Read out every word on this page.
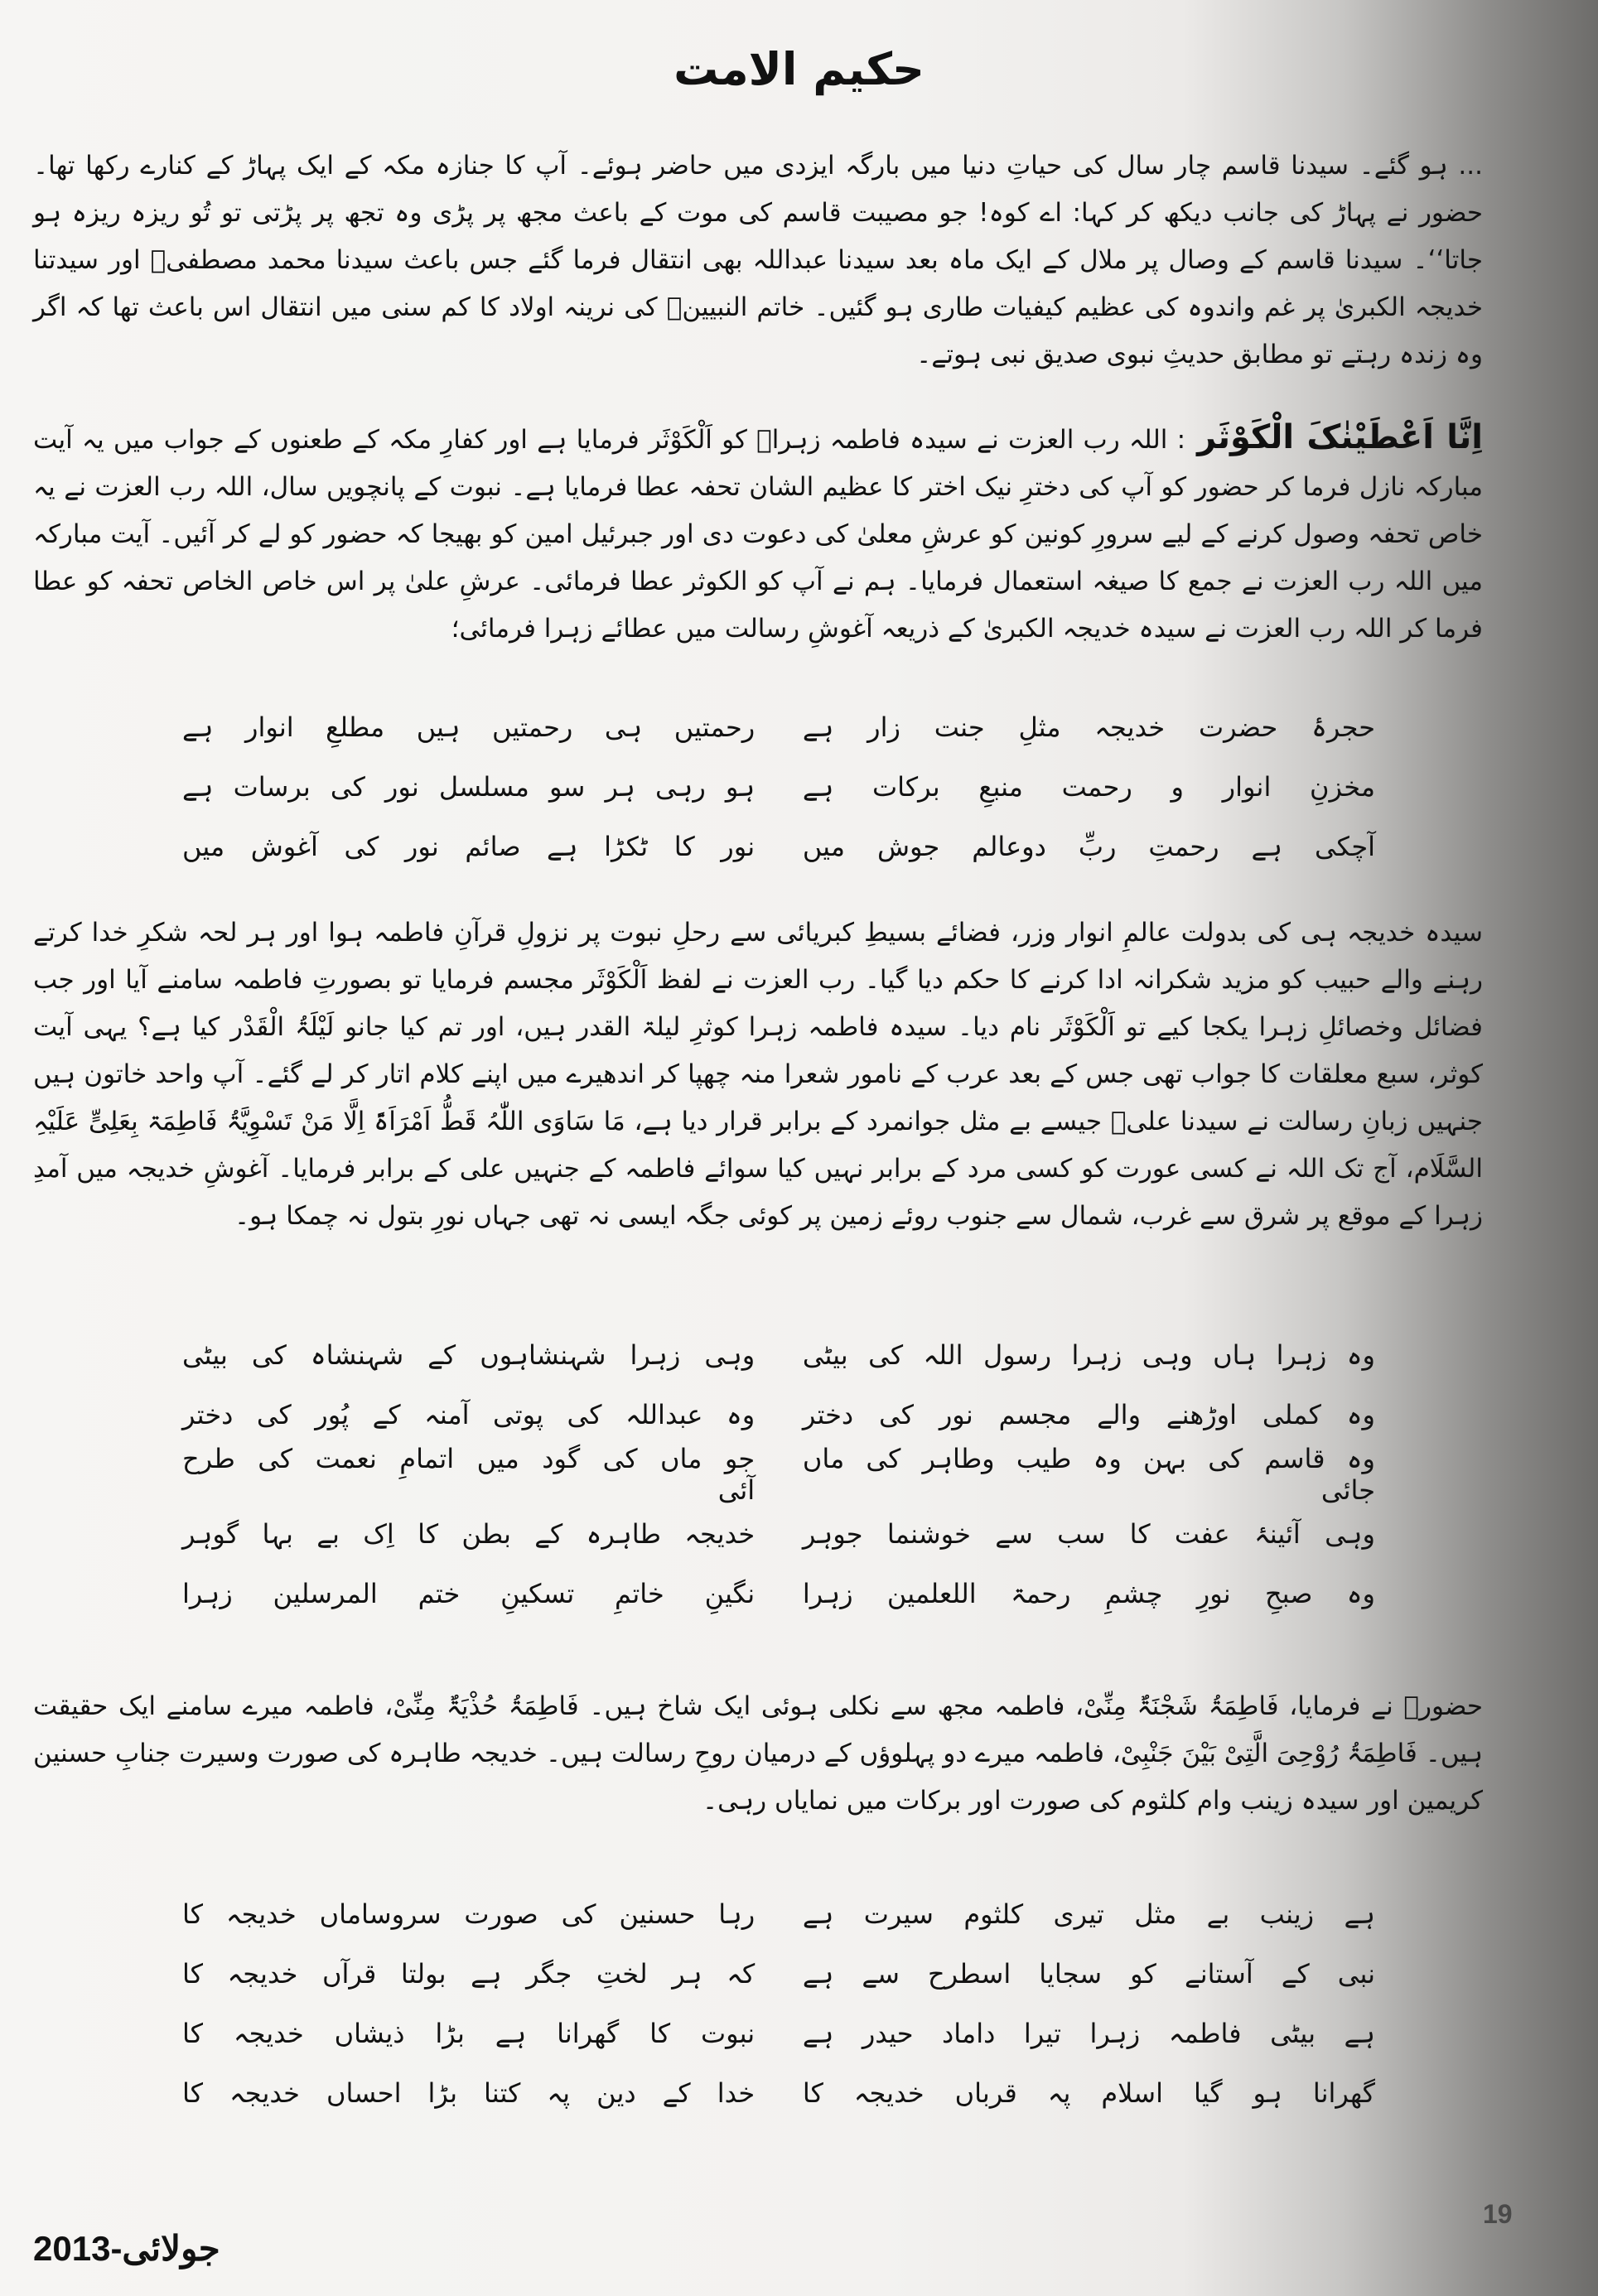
حکیم الامت

... ہو گئے۔ سیدنا قاسم چار سال کی حیاتِ دنیا میں بارگہ ایزدی میں حاضر ہوئے۔ آپ کا جنازہ مکہ کے ایک پہاڑ کے کنارے رکھا تھا۔ حضور نے پہاڑ کی جانب دیکھ کر کہا: اے کوہ! جو مصیبت قاسم کی موت کے باعث مجھ پر پڑی وہ تجھ پر پڑتی تو تُو ریزہ ریزہ ہو جاتا‘‘۔ سیدنا قاسم کے وصال پر ملال کے ایک ماہ بعد سیدنا عبداللہ بھی انتقال فرما گئے جس باعث سیدنا محمد مصطفیؐ اور سیدتنا خدیجہ الکبریٰ پر غم واندوہ کی عظیم کیفیات طاری ہو گئیں۔ خاتم النبیینؐ کی نرینہ اولاد کا کم سنی میں انتقال اس باعث تھا کہ اگر وہ زندہ رہتے تو مطابق حدیثِ نبوی صدیق نبی ہوتے۔

اِنَّا اَعْطَیْنٰکَ الْکَوْثَر: اللہ رب العزت نے سیدہ فاطمہ زہراؑ کو اَلْکَوْثَر فرمایا ہے اور کفارِ مکہ کے طعنوں کے جواب میں یہ آیت مبارکہ نازل فرما کر حضور کو آپ کی دخترِ نیک اختر کا عظیم الشان تحفہ عطا فرمایا ہے۔ نبوت کے پانچویں سال، اللہ رب العزت نے یہ خاص تحفہ وصول کرنے کے لیے سرورِ کونین کو عرشِ معلیٰ کی دعوت دی اور جبرئیل امین کو بھیجا کہ حضور کو لے کر آئیں۔ آیت مبارکہ میں اللہ رب العزت نے جمع کا صیغہ استعمال فرمایا۔ ہم نے آپ کو الکوثر عطا فرمائی۔ عرشِ علیٰ پر اس خاص الخاص تحفہ کو عطا فرما کر اللہ رب العزت نے سیدہ خدیجہ الکبریٰ کے ذریعہ آغوشِ رسالت میں عطائے زہرا فرمائی؛

حجرۂ حضرت خدیجہ مثلِ جنت زار ہے
رحمتیں ہی رحمتیں ہیں مطلعِ انوار ہے
مخزنِ انوار و رحمت منبعِ برکات ہے
ہو رہی ہر سو مسلسل نور کی برسات ہے
آچکی ہے رحمتِ ربِّ دوعالم جوش میں
نور کا ٹکڑا ہے صائم نور کی آغوش میں

سیدہ خدیجہ ہی کی بدولت عالمِ انوار وزر، فضائے بسیطِ کبریائی سے رحلِ نبوت پر نزولِ قرآنِ فاطمہ ہوا اور ہر لحہ شکرِ خدا کرتے رہنے والے حبیب کو مزید شکرانہ ادا کرنے کا حکم دیا گیا۔ رب العزت نے لفظ اَلْکَوْثَر مجسم فرمایا تو بصورتِ فاطمہ سامنے آیا اور جب فضائل وخصائلِ زہرا یکجا کیے تو اَلْکَوْثَر نام دیا۔ سیدہ فاطمہ زہرا کوثرِ لیلۃ القدر ہیں، اور تم کیا جانو لَیْلَۃُ الْقَدْر کیا ہے؟ یہی آیت کوثر، سبع معلقات کا جواب تھی جس کے بعد عرب کے نامور شعرا منہ چھپا کر اندھیرے میں اپنے کلام اتار کر لے گئے۔ آپ واحد خاتون ہیں جنہیں زبانِ رسالت نے سیدنا علیؑ جیسے بے مثل جوانمرد کے برابر قرار دیا ہے، مَا سَاوَی اللّٰہُ قَطُّ اَمْرَاَۃً اِلَّا مَنْ تَسْوِیَّۃُ فَاطِمَۃ بِعَلِیٍّ عَلَیْہِ السَّلَام، آج تک اللہ نے کسی عورت کو کسی مرد کے برابر نہیں کیا سوائے فاطمہ کے جنہیں علی کے برابر فرمایا۔ آغوشِ خدیجہ میں آمدِ زہرا کے موقع پر شرق سے غرب، شمال سے جنوب روئے زمین پر کوئی جگہ ایسی نہ تھی جہاں نورِ بتول نہ چمکا ہو۔

وہ زہرا ہاں وہی زہرا رسول اللہ کی بیٹی
وہی زہرا شہنشاہوں کے شہنشاہ کی بیٹی
وہ کملی اوڑھنے والے مجسم نور کی دختر
وہ عبداللہ کی پوتی آمنہ کے پُور کی دختر
وہ قاسم کی بہن وہ طیب وطاہر کی ماں جائی
جو ماں کی گود میں اتمامِ نعمت کی طرح آئی
وہی آئینۂ عفت کا سب سے خوشنما جوہر
خدیجہ طاہرہ کے بطن کا اِک بے بہا گوہر
وہ صبحِ نورِ چشمِ رحمۃ اللعلمین زہرا
نگینِ خاتمِ تسکینِ ختم المرسلین زہرا

حضورؐ نے فرمایا، فَاطِمَۃُ شَجْنَۃٌ مِنِّیْ، فاطمہ مجھ سے نکلی ہوئی ایک شاخ ہیں۔ فَاطِمَۃُ حُذْیَۃٌ مِنِّیْ، فاطمہ میرے سامنے ایک حقیقت ہیں۔ فَاطِمَۃُ رُوْحِیَ الَّتِیْ بَیْنَ جَنْبِیْ، فاطمہ میرے دو پہلوؤں کے درمیان روحِ رسالت ہیں۔ خدیجہ طاہرہ کی صورت وسیرت جنابِ حسنین کریمین اور سیدہ زینب وام کلثوم کی صورت اور برکات میں نمایاں رہی۔

ہے زینب بے مثل تیری کلثوم سیرت ہے
رہا حسنین کی صورت سروساماں خدیجہ کا
نبی کے آستانے کو سجایا اسطرح سے ہے
کہ ہر لختِ جگر ہے بولتا قرآں خدیجہ کا
ہے بیٹی فاطمہ زہرا تیرا داماد حیدر ہے
نبوت کا گھرانا ہے بڑا ذیشاں خدیجہ کا
گھرانا ہو گیا اسلام پہ قرباں خدیجہ کا
خدا کے دین پہ کتنا بڑا احساں خدیجہ کا
جولائی-2013
19
